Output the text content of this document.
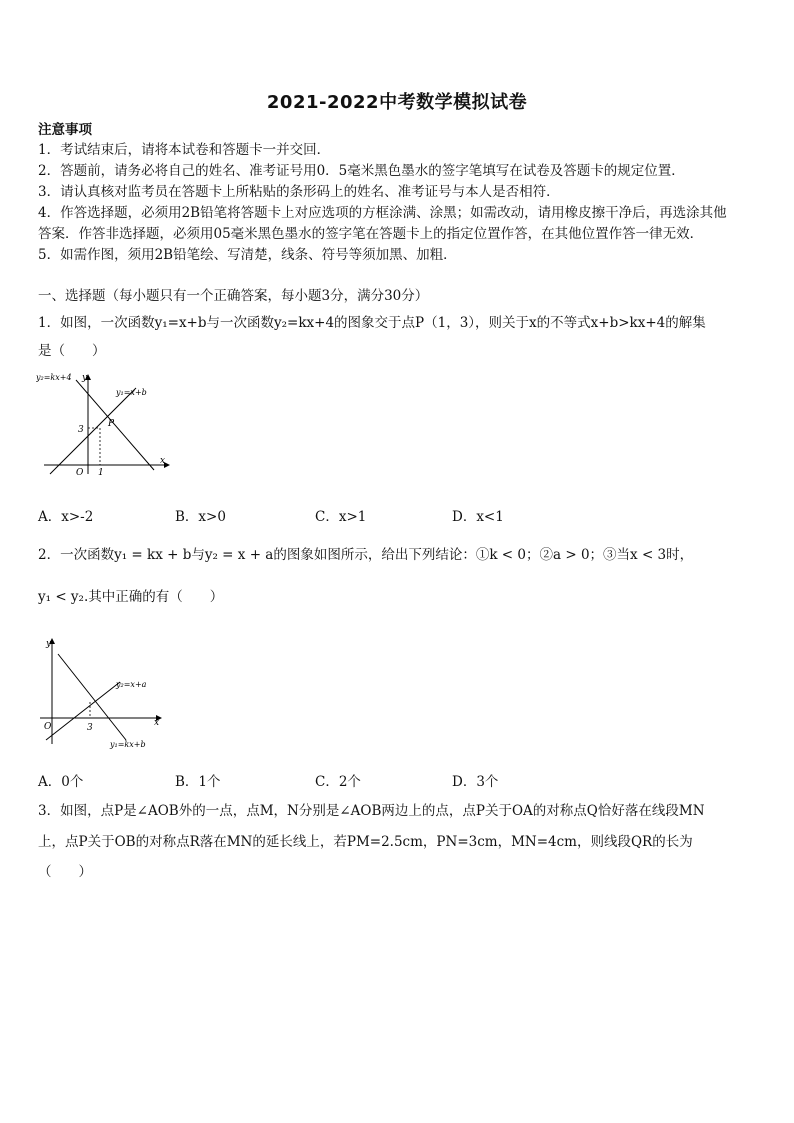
2021-2022中考数学模拟试卷
注意事项
1．考试结束后，请将本试卷和答题卡一并交回．
2．答题前，请务必将自己的姓名、准考证号用0．5毫米黑色墨水的签字笔填写在试卷及答题卡的规定位置．
3．请认真核对监考员在答题卡上所粘贴的条形码上的姓名、准考证号与本人是否相符．
4．作答选择题，必须用2B铅笔将答题卡上对应选项的方框涂满、涂黑；如需改动，请用橡皮擦干净后，再选涂其他
答案．作答非选择题，必须用05毫米黑色墨水的签字笔在答题卡上的指定位置作答，在其他位置作答一律无效．
5．如需作图，须用2B铅笔绘、写清楚，线条、符号等须加黑、加粗．
一、选择题（每小题只有一个正确答案，每小题3分，满分30分）
1．如图，一次函数y₁=x+b与一次函数y₂=kx+4的图象交于点P（1，3），则关于x的不等式x+b>kx+4的解集
是（　　）
y₂=kx+4 y
y₁=x+b
P
3
O 1
x
A．x>-2	B．x>0	C．x>1	D．x<1
2．一次函数y₁ = kx + b与y₂ = x + a的图象如图所示，给出下列结论：①k < 0；②a > 0；③当x < 3时，
y₁ < y₂.其中正确的有（　　）
y
y₂=x+a
O	3	x
y₁=kx+b
A．0个	B．1个	C．2个	D．3个
3．如图，点P是∠AOB外的一点，点M，N分别是∠AOB两边上的点，点P关于OA的对称点Q恰好落在线段MN
上，点P关于OB的对称点R落在MN的延长线上，若PM=2.5cm，PN=3cm，MN=4cm，则线段QR的长为
（　　）
